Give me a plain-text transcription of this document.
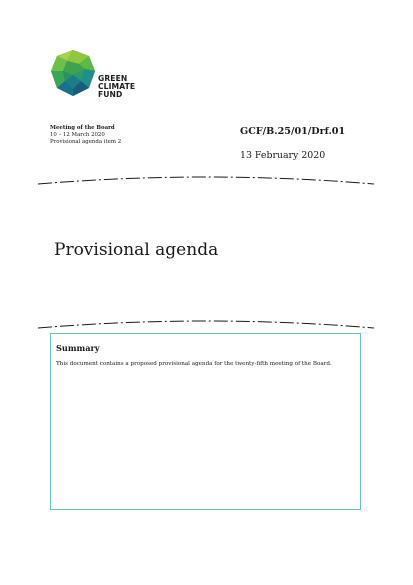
GREEN
CLIMATE
FUND
Meeting of the Board
10 – 12 March 2020
Provisional agenda item 2
GCF/B.25/01/Drf.01
13 February 2020
Provisional agenda
Summary
This document contains a proposed provisional agenda for the twenty-fifth meeting of the Board.
